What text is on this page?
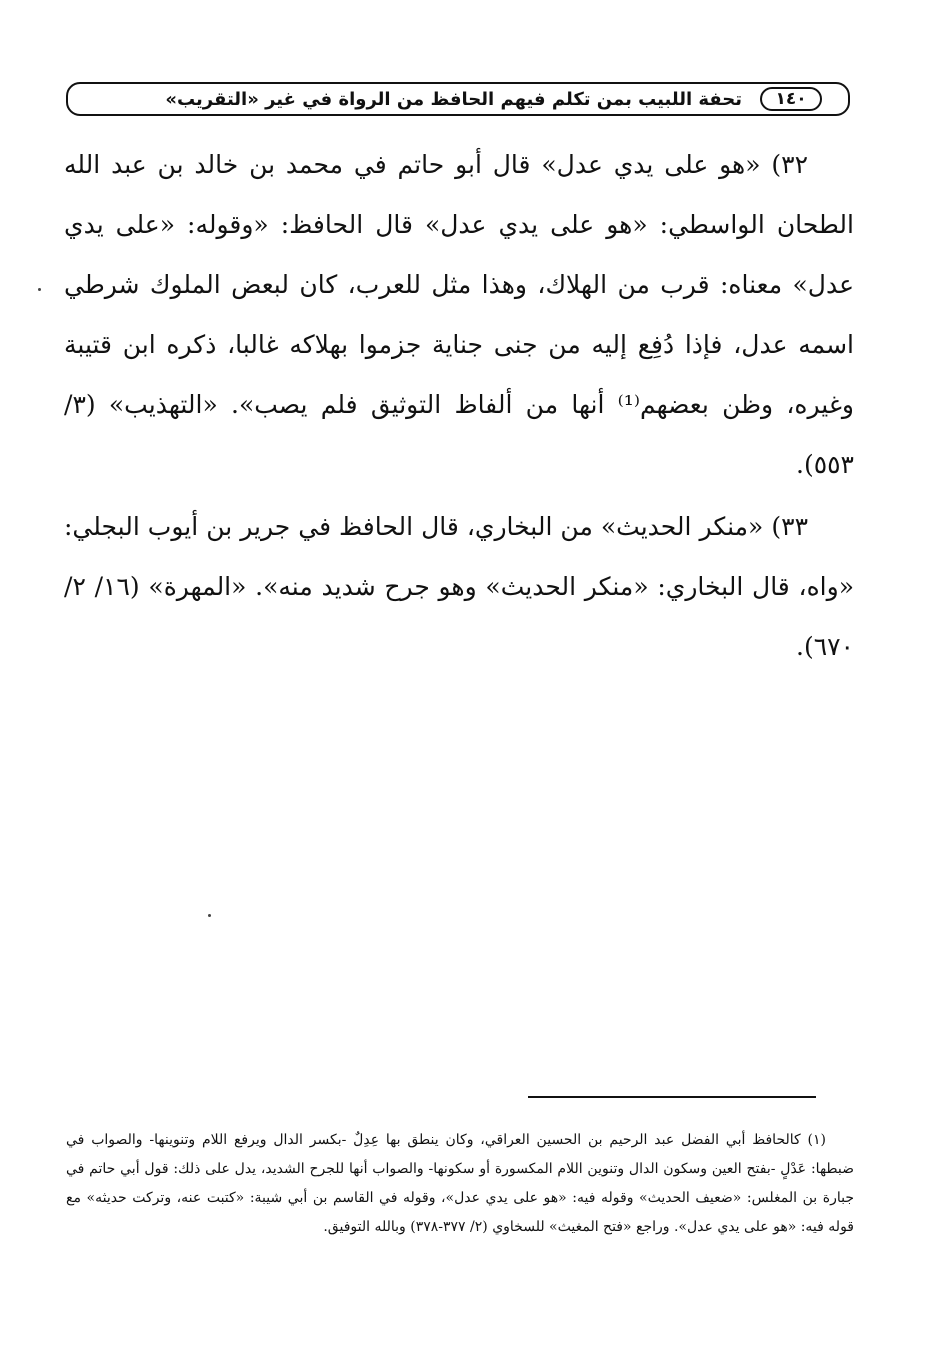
١٤٠
تحفة اللبيب بمن تكلم فيهم الحافظ من الرواة في غير «التقريب»

٣٢) «هو على يدي عدل» قال أبو حاتم في محمد بن خالد بن عبد الله الطحان الواسطي: «هو على يدي عدل» قال الحافظ: «وقوله: «على يدي عدل» معناه: قرب من الهلاك، وهذا مثل للعرب، كان لبعض الملوك شرطي اسمه عدل، فإذا دُفِع إليه من جنى جناية جزموا بهلاكه غالبا، ذكره ابن قتيبة وغيره، وظن بعضهم⁽¹⁾ أنها من ألفاظ التوثيق فلم يصب». «التهذيب» (٣/ ٥٥٣).

٣٣) «منكر الحديث» من البخاري، قال الحافظ في جرير بن أيوب البجلي: «واه، قال البخاري: «منكر الحديث» وهو جرح شديد منه». «المهرة» (١٦/ ٢/ ٦٧٠).

(١) كالحافظ أبي الفضل عبد الرحيم بن الحسين العراقي، وكان ينطق بها عِدِلٌ -بكسر الدال ويرفع اللام وتنوينها- والصواب في ضبطها: عَدْلٍ -بفتح العين وسكون الدال وتنوين اللام المكسورة أو سكونها- والصواب أنها للجرح الشديد، يدل على ذلك: قول أبي حاتم في جبارة بن المغلس: «ضعيف الحديث» وقوله فيه: «هو على يدي عدل»، وقوله في القاسم بن أبي شيبة: «كتبت عنه، وتركت حديثه» مع قوله فيه: «هو على يدي عدل». وراجع «فتح المغيث» للسخاوي (٢/ ٣٧٧-٣٧٨) وبالله التوفيق.
